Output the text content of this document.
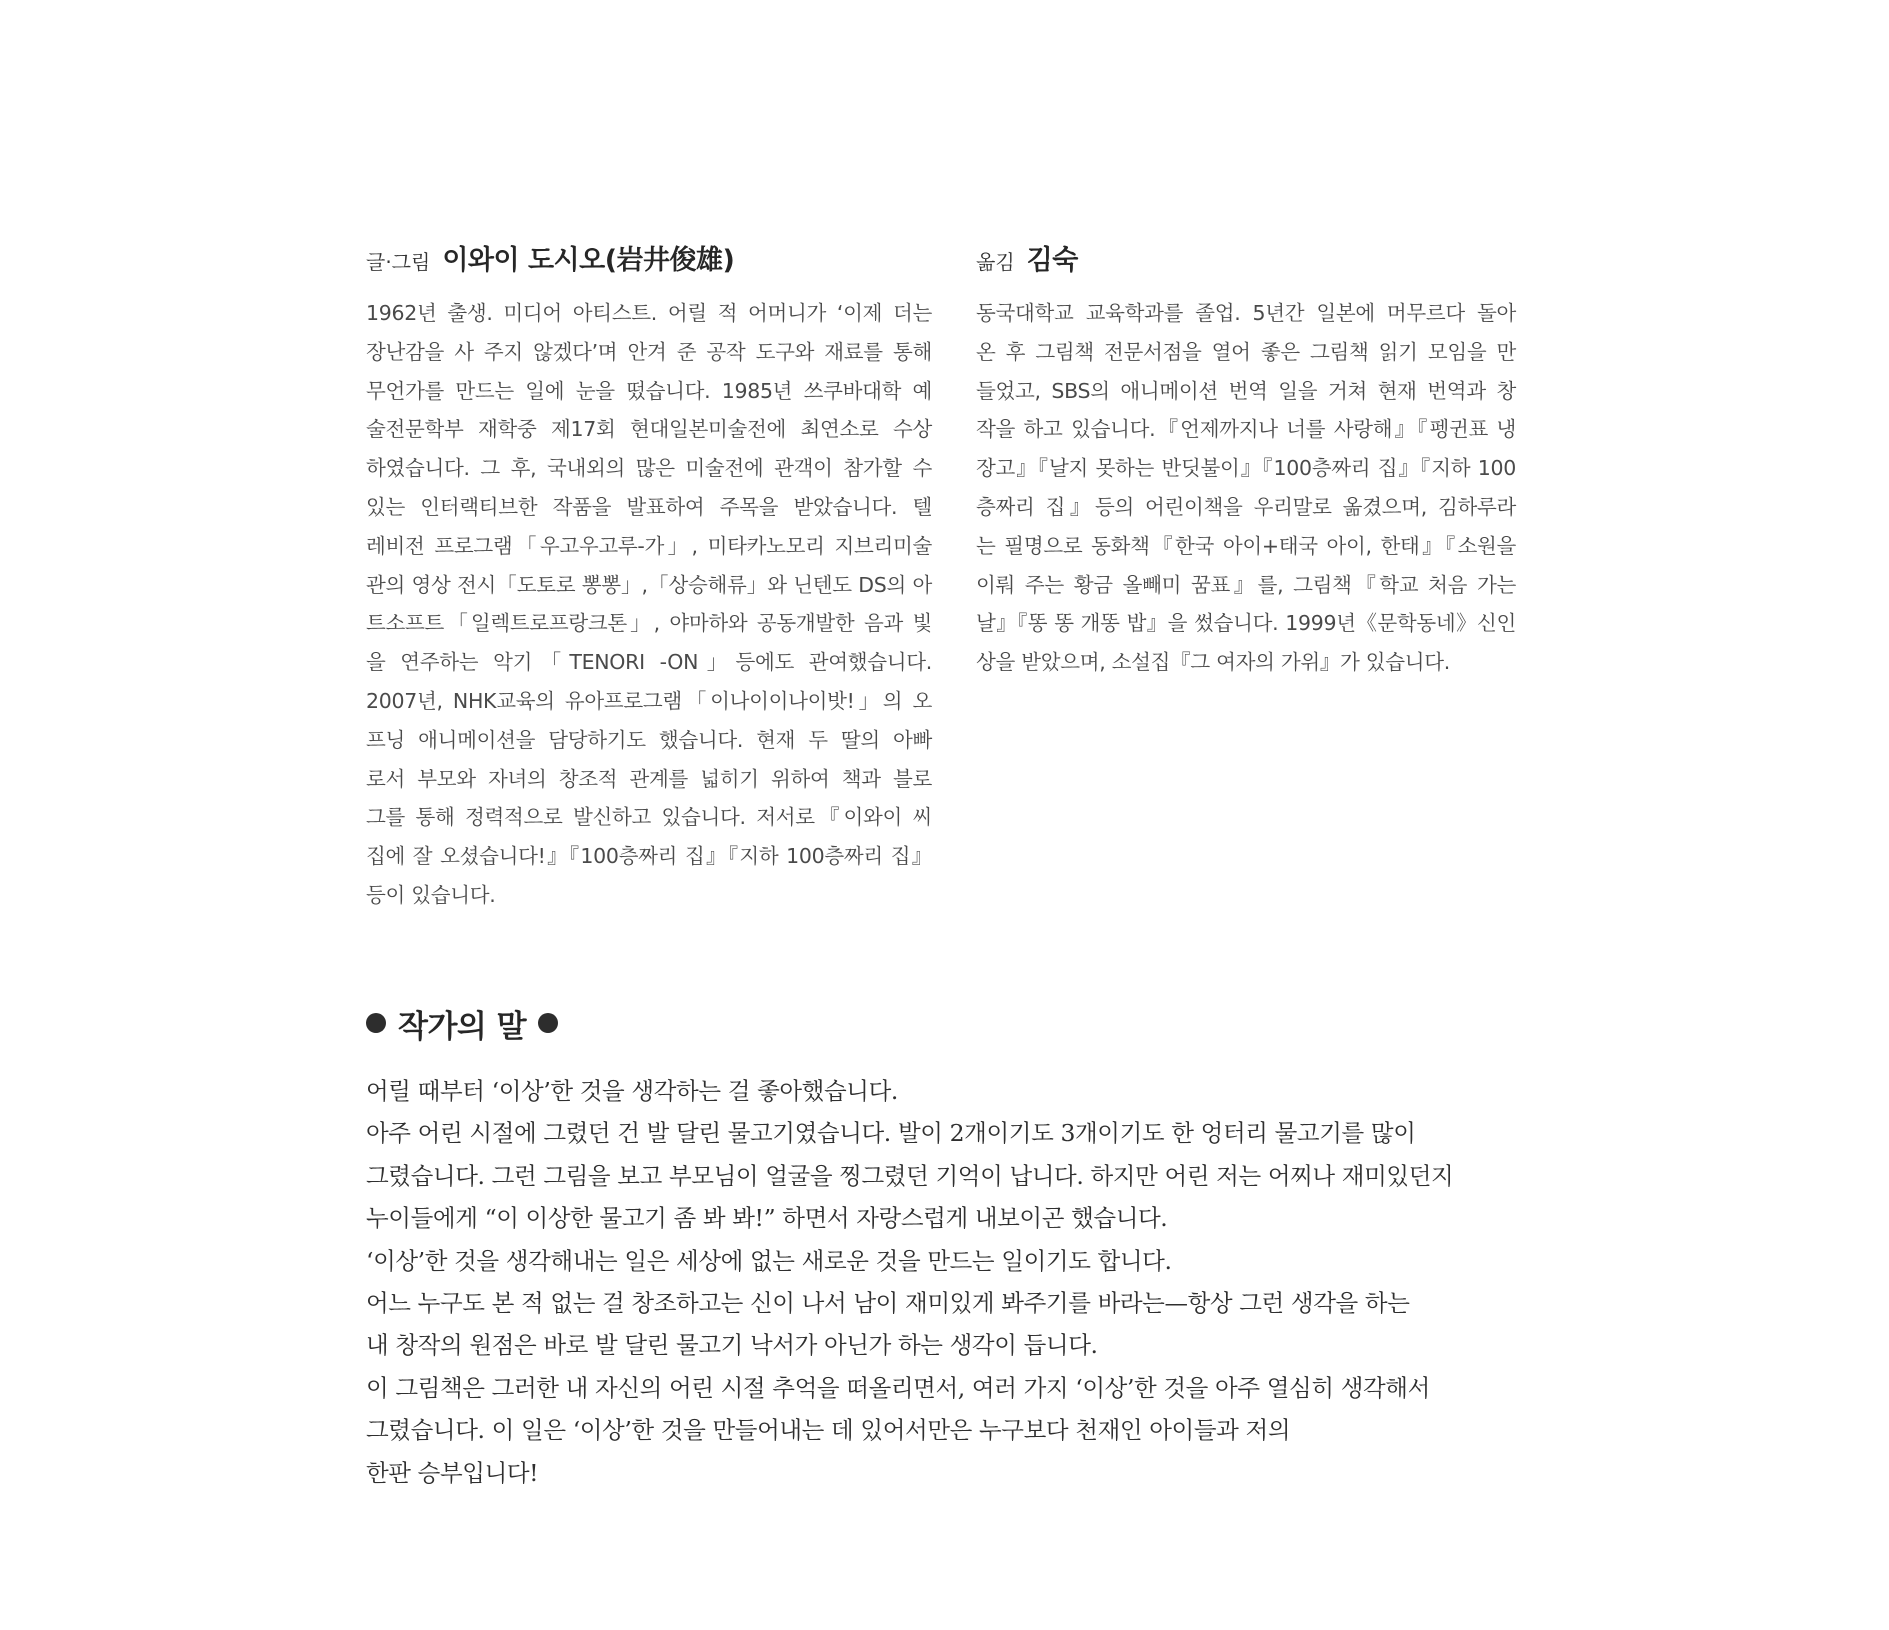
글·그림 이와이 도시오(岩井俊雄)
1962년 출생. 미디어 아티스트. 어릴 적 어머니가 ‘이제 더는
장난감을 사 주지 않겠다’며 안겨 준 공작 도구와 재료를 통해
무언가를 만드는 일에 눈을 떴습니다. 1985년 쓰쿠바대학 예
술전문학부 재학중 제17회 현대일본미술전에 최연소로 수상
하였습니다. 그 후, 국내외의 많은 미술전에 관객이 참가할 수
있는 인터랙티브한 작품을 발표하여 주목을 받았습니다. 텔
레비전 프로그램「우고우고루-가」, 미타카노모리 지브리미술
관의 영상 전시「도토로 뽕뽕」,「상승해류」와 닌텐도 DS의 아
트소프트「일렉트로프랑크톤」, 야마하와 공동개발한 음과 빛
을 연주하는 악기「TENORI -ON」등에도 관여했습니다.
2007년, NHK교육의 유아프로그램「이나이이나이밧!」의 오
프닝 애니메이션을 담당하기도 했습니다. 현재 두 딸의 아빠
로서 부모와 자녀의 창조적 관계를 넓히기 위하여 책과 블로
그를 통해 정력적으로 발신하고 있습니다. 저서로『이와이 씨
집에 잘 오셨습니다!』『100층짜리 집』『지하 100층짜리 집』
등이 있습니다.
옮김 김숙
동국대학교 교육학과를 졸업. 5년간 일본에 머무르다 돌아
온 후 그림책 전문서점을 열어 좋은 그림책 읽기 모임을 만
들었고, SBS의 애니메이션 번역 일을 거쳐 현재 번역과 창
작을 하고 있습니다.『언제까지나 너를 사랑해』『펭귄표 냉
장고』『날지 못하는 반딧불이』『100층짜리 집』『지하 100
층짜리 집』등의 어린이책을 우리말로 옮겼으며, 김하루라
는 필명으로 동화책『한국 아이+태국 아이, 한태』『소원을
이뤄 주는 황금 올빼미 꿈표』를, 그림책『학교 처음 가는
날』『똥 똥 개똥 밥』을 썼습니다. 1999년《문학동네》신인
상을 받았으며, 소설집『그 여자의 가위』가 있습니다.
작가의 말
어릴 때부터 ‘이상’한 것을 생각하는 걸 좋아했습니다.
아주 어린 시절에 그렸던 건 발 달린 물고기였습니다. 발이 2개이기도 3개이기도 한 엉터리 물고기를 많이
그렸습니다. 그런 그림을 보고 부모님이 얼굴을 찡그렸던 기억이 납니다. 하지만 어린 저는 어찌나 재미있던지
누이들에게 “이 이상한 물고기 좀 봐 봐!” 하면서 자랑스럽게 내보이곤 했습니다.
‘이상’한 것을 생각해내는 일은 세상에 없는 새로운 것을 만드는 일이기도 합니다.
어느 누구도 본 적 없는 걸 창조하고는 신이 나서 남이 재미있게 봐주기를 바라는—항상 그런 생각을 하는
내 창작의 원점은 바로 발 달린 물고기 낙서가 아닌가 하는 생각이 듭니다.
이 그림책은 그러한 내 자신의 어린 시절 추억을 떠올리면서, 여러 가지 ‘이상’한 것을 아주 열심히 생각해서
그렸습니다. 이 일은 ‘이상’한 것을 만들어내는 데 있어서만은 누구보다 천재인 아이들과 저의
한판 승부입니다!
